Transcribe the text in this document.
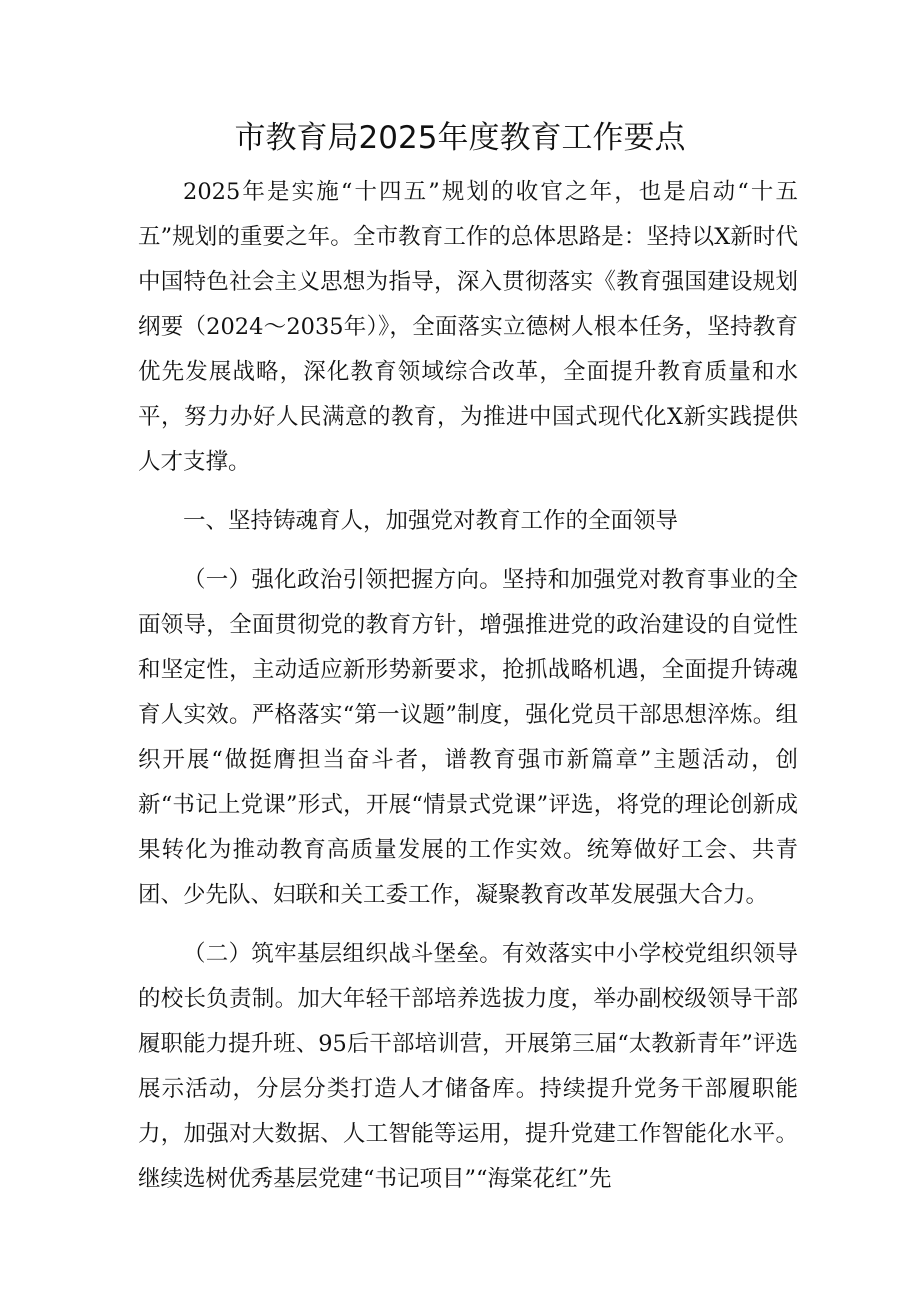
市教育局2025年度教育工作要点

2025年是实施“十四五”规划的收官之年，也是启动“十五五”规划的重要之年。全市教育工作的总体思路是：坚持以X新时代中国特色社会主义思想为指导，深入贯彻落实《教育强国建设规划纲要（2024～2035年）》，全面落实立德树人根本任务，坚持教育优先发展战略，深化教育领域综合改革，全面提升教育质量和水平，努力办好人民满意的教育，为推进中国式现代化X新实践提供人才支撑。

一、坚持铸魂育人，加强党对教育工作的全面领导

（一）强化政治引领把握方向。坚持和加强党对教育事业的全面领导，全面贯彻党的教育方针，增强推进党的政治建设的自觉性和坚定性，主动适应新形势新要求，抢抓战略机遇，全面提升铸魂育人实效。严格落实“第一议题”制度，强化党员干部思想淬炼。组织开展“做挺膺担当奋斗者，谱教育强市新篇章”主题活动，创新“书记上党课”形式，开展“情景式党课”评选，将党的理论创新成果转化为推动教育高质量发展的工作实效。统筹做好工会、共青团、少先队、妇联和关工委工作，凝聚教育改革发展强大合力。

（二）筑牢基层组织战斗堡垒。有效落实中小学校党组织领导的校长负责制。加大年轻干部培养选拔力度，举办副校级领导干部履职能力提升班、95后干部培训营，开展第三届“太教新青年”评选展示活动，分层分类打造人才储备库。持续提升党务干部履职能力，加强对大数据、人工智能等运用，提升党建工作智能化水平。继续选树优秀基层党建“书记项目”“海棠花红”先
